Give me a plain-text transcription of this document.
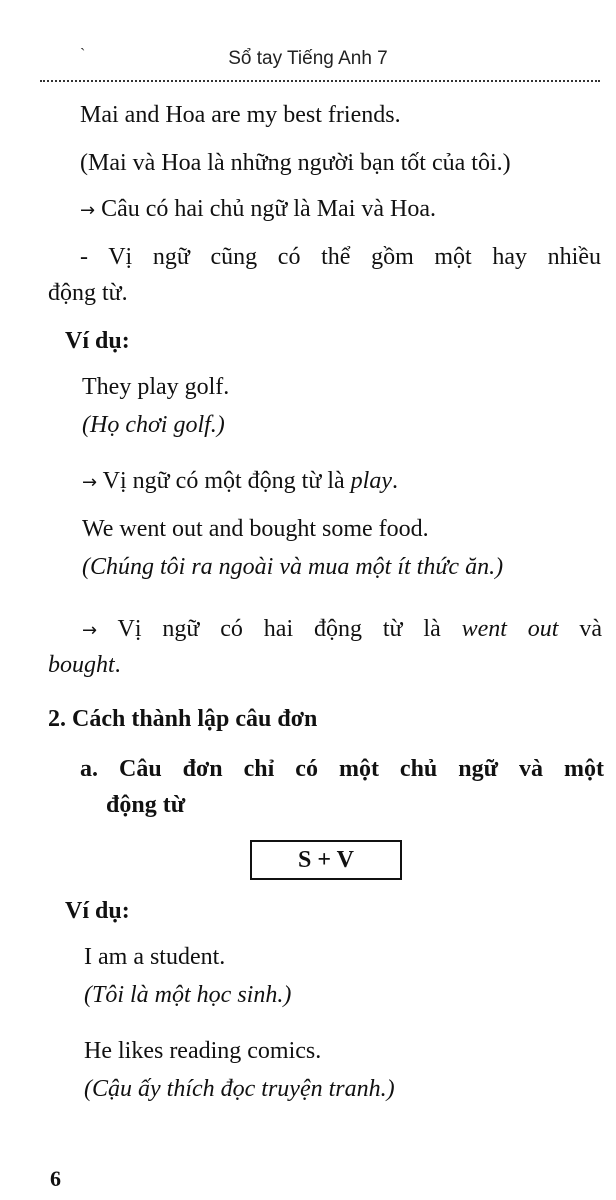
`	Sổ tay Tiếng Anh 7
Mai and Hoa are my best friends.
(Mai và Hoa là những người bạn tốt của tôi.)
→ Câu có hai chủ ngữ là Mai và Hoa.
- Vị ngữ cũng có thể gồm một hay nhiều
động từ.
Ví dụ:
They play golf.
(Họ chơi golf.)
→ Vị ngữ có một động từ là play.
We went out and bought some food.
(Chúng tôi ra ngoài và mua một ít thức ăn.)
→ Vị ngữ có hai động từ là went out và
bought.
2. Cách thành lập câu đơn
a. Câu đơn chỉ có một chủ ngữ và một
động từ
S + V
Ví dụ:
I am a student.
(Tôi là một học sinh.)
He likes reading comics.
(Cậu ấy thích đọc truyện tranh.)
6
